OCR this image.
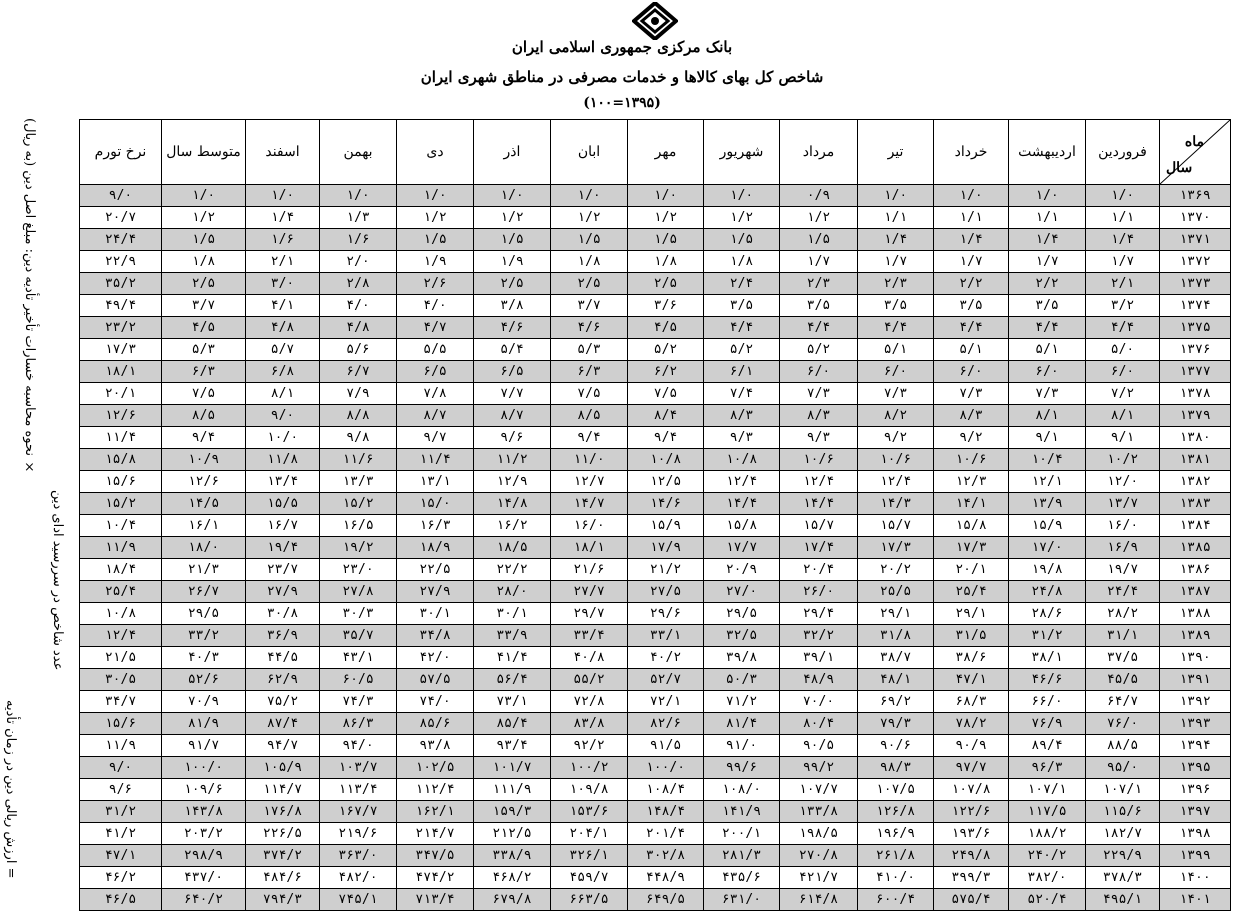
بانک مرکزی جمهوری اسلامی ایران
شاخص کل بهای کالاها و خدمات مصرفی در مناطق شهری ایران
(۱۳۹۵=۱۰۰)
نحوه محاسبه خسارات تأخیر تأدیه دین: مبلغ اصل دین (به ریال) ×
ارزش ریالی دین در زمان تأدیه =
عدد شاخص در سررسید ادای دین
ماه
سال	فروردین	اردیبهشت	خرداد	تیر	مرداد	شهریور	مهر	ابان	اذر	دی	بهمن	اسفند	متوسط سال	نرخ تورم
۱۳۶۹	۱/۰	۱/۰	۱/۰	۱/۰	۰/۹	۱/۰	۱/۰	۱/۰	۱/۰	۱/۰	۱/۰	۱/۰	۱/۰	۹/۰
۱۳۷۰	۱/۱	۱/۱	۱/۱	۱/۱	۱/۲	۱/۲	۱/۲	۱/۲	۱/۲	۱/۲	۱/۳	۱/۴	۱/۲	۲۰/۷
۱۳۷۱	۱/۴	۱/۴	۱/۴	۱/۴	۱/۵	۱/۵	۱/۵	۱/۵	۱/۵	۱/۵	۱/۶	۱/۶	۱/۵	۲۴/۴
۱۳۷۲	۱/۷	۱/۷	۱/۷	۱/۷	۱/۷	۱/۸	۱/۸	۱/۸	۱/۹	۱/۹	۲/۰	۲/۱	۱/۸	۲۲/۹
۱۳۷۳	۲/۱	۲/۲	۲/۲	۲/۳	۲/۳	۲/۴	۲/۵	۲/۵	۲/۵	۲/۶	۲/۸	۳/۰	۲/۵	۳۵/۲
۱۳۷۴	۳/۲	۳/۵	۳/۵	۳/۵	۳/۵	۳/۵	۳/۶	۳/۷	۳/۸	۴/۰	۴/۰	۴/۱	۳/۷	۴۹/۴
۱۳۷۵	۴/۴	۴/۴	۴/۴	۴/۴	۴/۴	۴/۴	۴/۵	۴/۶	۴/۶	۴/۷	۴/۸	۴/۸	۴/۵	۲۳/۲
۱۳۷۶	۵/۰	۵/۱	۵/۱	۵/۱	۵/۲	۵/۲	۵/۲	۵/۳	۵/۴	۵/۵	۵/۶	۵/۷	۵/۳	۱۷/۳
۱۳۷۷	۶/۰	۶/۰	۶/۰	۶/۰	۶/۰	۶/۱	۶/۲	۶/۳	۶/۵	۶/۵	۶/۷	۶/۸	۶/۳	۱۸/۱
۱۳۷۸	۷/۲	۷/۳	۷/۳	۷/۳	۷/۳	۷/۴	۷/۵	۷/۵	۷/۷	۷/۸	۷/۹	۸/۱	۷/۵	۲۰/۱
۱۳۷۹	۸/۱	۸/۱	۸/۳	۸/۲	۸/۳	۸/۳	۸/۴	۸/۵	۸/۷	۸/۷	۸/۸	۹/۰	۸/۵	۱۲/۶
۱۳۸۰	۹/۱	۹/۱	۹/۲	۹/۲	۹/۳	۹/۳	۹/۴	۹/۴	۹/۶	۹/۷	۹/۸	۱۰/۰	۹/۴	۱۱/۴
۱۳۸۱	۱۰/۲	۱۰/۴	۱۰/۶	۱۰/۶	۱۰/۶	۱۰/۸	۱۰/۸	۱۱/۰	۱۱/۲	۱۱/۴	۱۱/۶	۱۱/۸	۱۰/۹	۱۵/۸
۱۳۸۲	۱۲/۰	۱۲/۱	۱۲/۳	۱۲/۴	۱۲/۴	۱۲/۴	۱۲/۵	۱۲/۷	۱۲/۹	۱۳/۱	۱۳/۳	۱۳/۴	۱۲/۶	۱۵/۶
۱۳۸۳	۱۳/۷	۱۳/۹	۱۴/۱	۱۴/۳	۱۴/۴	۱۴/۴	۱۴/۶	۱۴/۷	۱۴/۸	۱۵/۰	۱۵/۲	۱۵/۵	۱۴/۵	۱۵/۲
۱۳۸۴	۱۶/۰	۱۵/۹	۱۵/۸	۱۵/۷	۱۵/۷	۱۵/۸	۱۵/۹	۱۶/۰	۱۶/۲	۱۶/۳	۱۶/۵	۱۶/۷	۱۶/۱	۱۰/۴
۱۳۸۵	۱۶/۹	۱۷/۰	۱۷/۳	۱۷/۳	۱۷/۴	۱۷/۷	۱۷/۹	۱۸/۱	۱۸/۵	۱۸/۹	۱۹/۲	۱۹/۴	۱۸/۰	۱۱/۹
۱۳۸۶	۱۹/۷	۱۹/۸	۲۰/۱	۲۰/۲	۲۰/۴	۲۰/۹	۲۱/۲	۲۱/۶	۲۲/۲	۲۲/۵	۲۳/۰	۲۳/۷	۲۱/۳	۱۸/۴
۱۳۸۷	۲۴/۴	۲۴/۸	۲۵/۴	۲۵/۵	۲۶/۰	۲۷/۰	۲۷/۵	۲۷/۷	۲۸/۰	۲۷/۹	۲۷/۸	۲۷/۹	۲۶/۷	۲۵/۴
۱۳۸۸	۲۸/۲	۲۸/۶	۲۹/۱	۲۹/۱	۲۹/۴	۲۹/۵	۲۹/۶	۲۹/۷	۳۰/۱	۳۰/۱	۳۰/۳	۳۰/۸	۲۹/۵	۱۰/۸
۱۳۸۹	۳۱/۱	۳۱/۲	۳۱/۵	۳۱/۸	۳۲/۲	۳۲/۵	۳۳/۱	۳۳/۴	۳۳/۹	۳۴/۸	۳۵/۷	۳۶/۹	۳۳/۲	۱۲/۴
۱۳۹۰	۳۷/۵	۳۸/۱	۳۸/۶	۳۸/۷	۳۹/۱	۳۹/۸	۴۰/۲	۴۰/۸	۴۱/۴	۴۲/۰	۴۳/۱	۴۴/۵	۴۰/۳	۲۱/۵
۱۳۹۱	۴۵/۵	۴۶/۶	۴۷/۱	۴۸/۱	۴۸/۹	۵۰/۳	۵۲/۷	۵۵/۲	۵۶/۴	۵۷/۵	۶۰/۵	۶۲/۹	۵۲/۶	۳۰/۵
۱۳۹۲	۶۴/۷	۶۶/۰	۶۸/۳	۶۹/۲	۷۰/۰	۷۱/۲	۷۲/۱	۷۲/۸	۷۳/۱	۷۴/۰	۷۴/۳	۷۵/۲	۷۰/۹	۳۴/۷
۱۳۹۳	۷۶/۰	۷۶/۹	۷۸/۲	۷۹/۳	۸۰/۴	۸۱/۴	۸۲/۶	۸۳/۸	۸۵/۴	۸۵/۶	۸۶/۳	۸۷/۴	۸۱/۹	۱۵/۶
۱۳۹۴	۸۸/۵	۸۹/۴	۹۰/۹	۹۰/۶	۹۰/۵	۹۱/۰	۹۱/۵	۹۲/۲	۹۳/۴	۹۳/۸	۹۴/۰	۹۴/۷	۹۱/۷	۱۱/۹
۱۳۹۵	۹۵/۰	۹۶/۳	۹۷/۷	۹۸/۳	۹۹/۲	۹۹/۶	۱۰۰/۰	۱۰۰/۲	۱۰۱/۷	۱۰۲/۵	۱۰۳/۷	۱۰۵/۹	۱۰۰/۰	۹/۰
۱۳۹۶	۱۰۷/۱	۱۰۷/۱	۱۰۷/۸	۱۰۷/۵	۱۰۷/۷	۱۰۸/۰	۱۰۸/۴	۱۰۹/۸	۱۱۱/۹	۱۱۲/۴	۱۱۳/۴	۱۱۴/۷	۱۰۹/۶	۹/۶
۱۳۹۷	۱۱۵/۶	۱۱۷/۵	۱۲۲/۶	۱۲۶/۸	۱۳۳/۸	۱۴۱/۹	۱۴۸/۴	۱۵۳/۶	۱۵۹/۳	۱۶۲/۱	۱۶۷/۷	۱۷۶/۸	۱۴۳/۸	۳۱/۲
۱۳۹۸	۱۸۲/۷	۱۸۸/۲	۱۹۳/۶	۱۹۶/۹	۱۹۸/۵	۲۰۰/۱	۲۰۱/۴	۲۰۴/۱	۲۱۲/۵	۲۱۴/۷	۲۱۹/۶	۲۲۶/۵	۲۰۳/۲	۴۱/۲
۱۳۹۹	۲۲۹/۹	۲۴۰/۲	۲۴۹/۸	۲۶۱/۸	۲۷۰/۸	۲۸۱/۳	۳۰۲/۸	۳۲۶/۱	۳۳۸/۹	۳۴۷/۵	۳۶۳/۰	۳۷۴/۲	۲۹۸/۹	۴۷/۱
۱۴۰۰	۳۷۸/۳	۳۸۲/۰	۳۹۹/۳	۴۱۰/۰	۴۲۱/۷	۴۳۵/۶	۴۴۸/۹	۴۵۹/۷	۴۶۸/۲	۴۷۴/۲	۴۸۲/۰	۴۸۴/۶	۴۳۷/۰	۴۶/۲
۱۴۰۱	۴۹۵/۱	۵۲۰/۴	۵۷۵/۴	۶۰۰/۴	۶۱۴/۸	۶۳۱/۰	۶۴۹/۵	۶۶۳/۵	۶۷۹/۸	۷۱۳/۴	۷۴۵/۱	۷۹۴/۳	۶۴۰/۲	۴۶/۵
